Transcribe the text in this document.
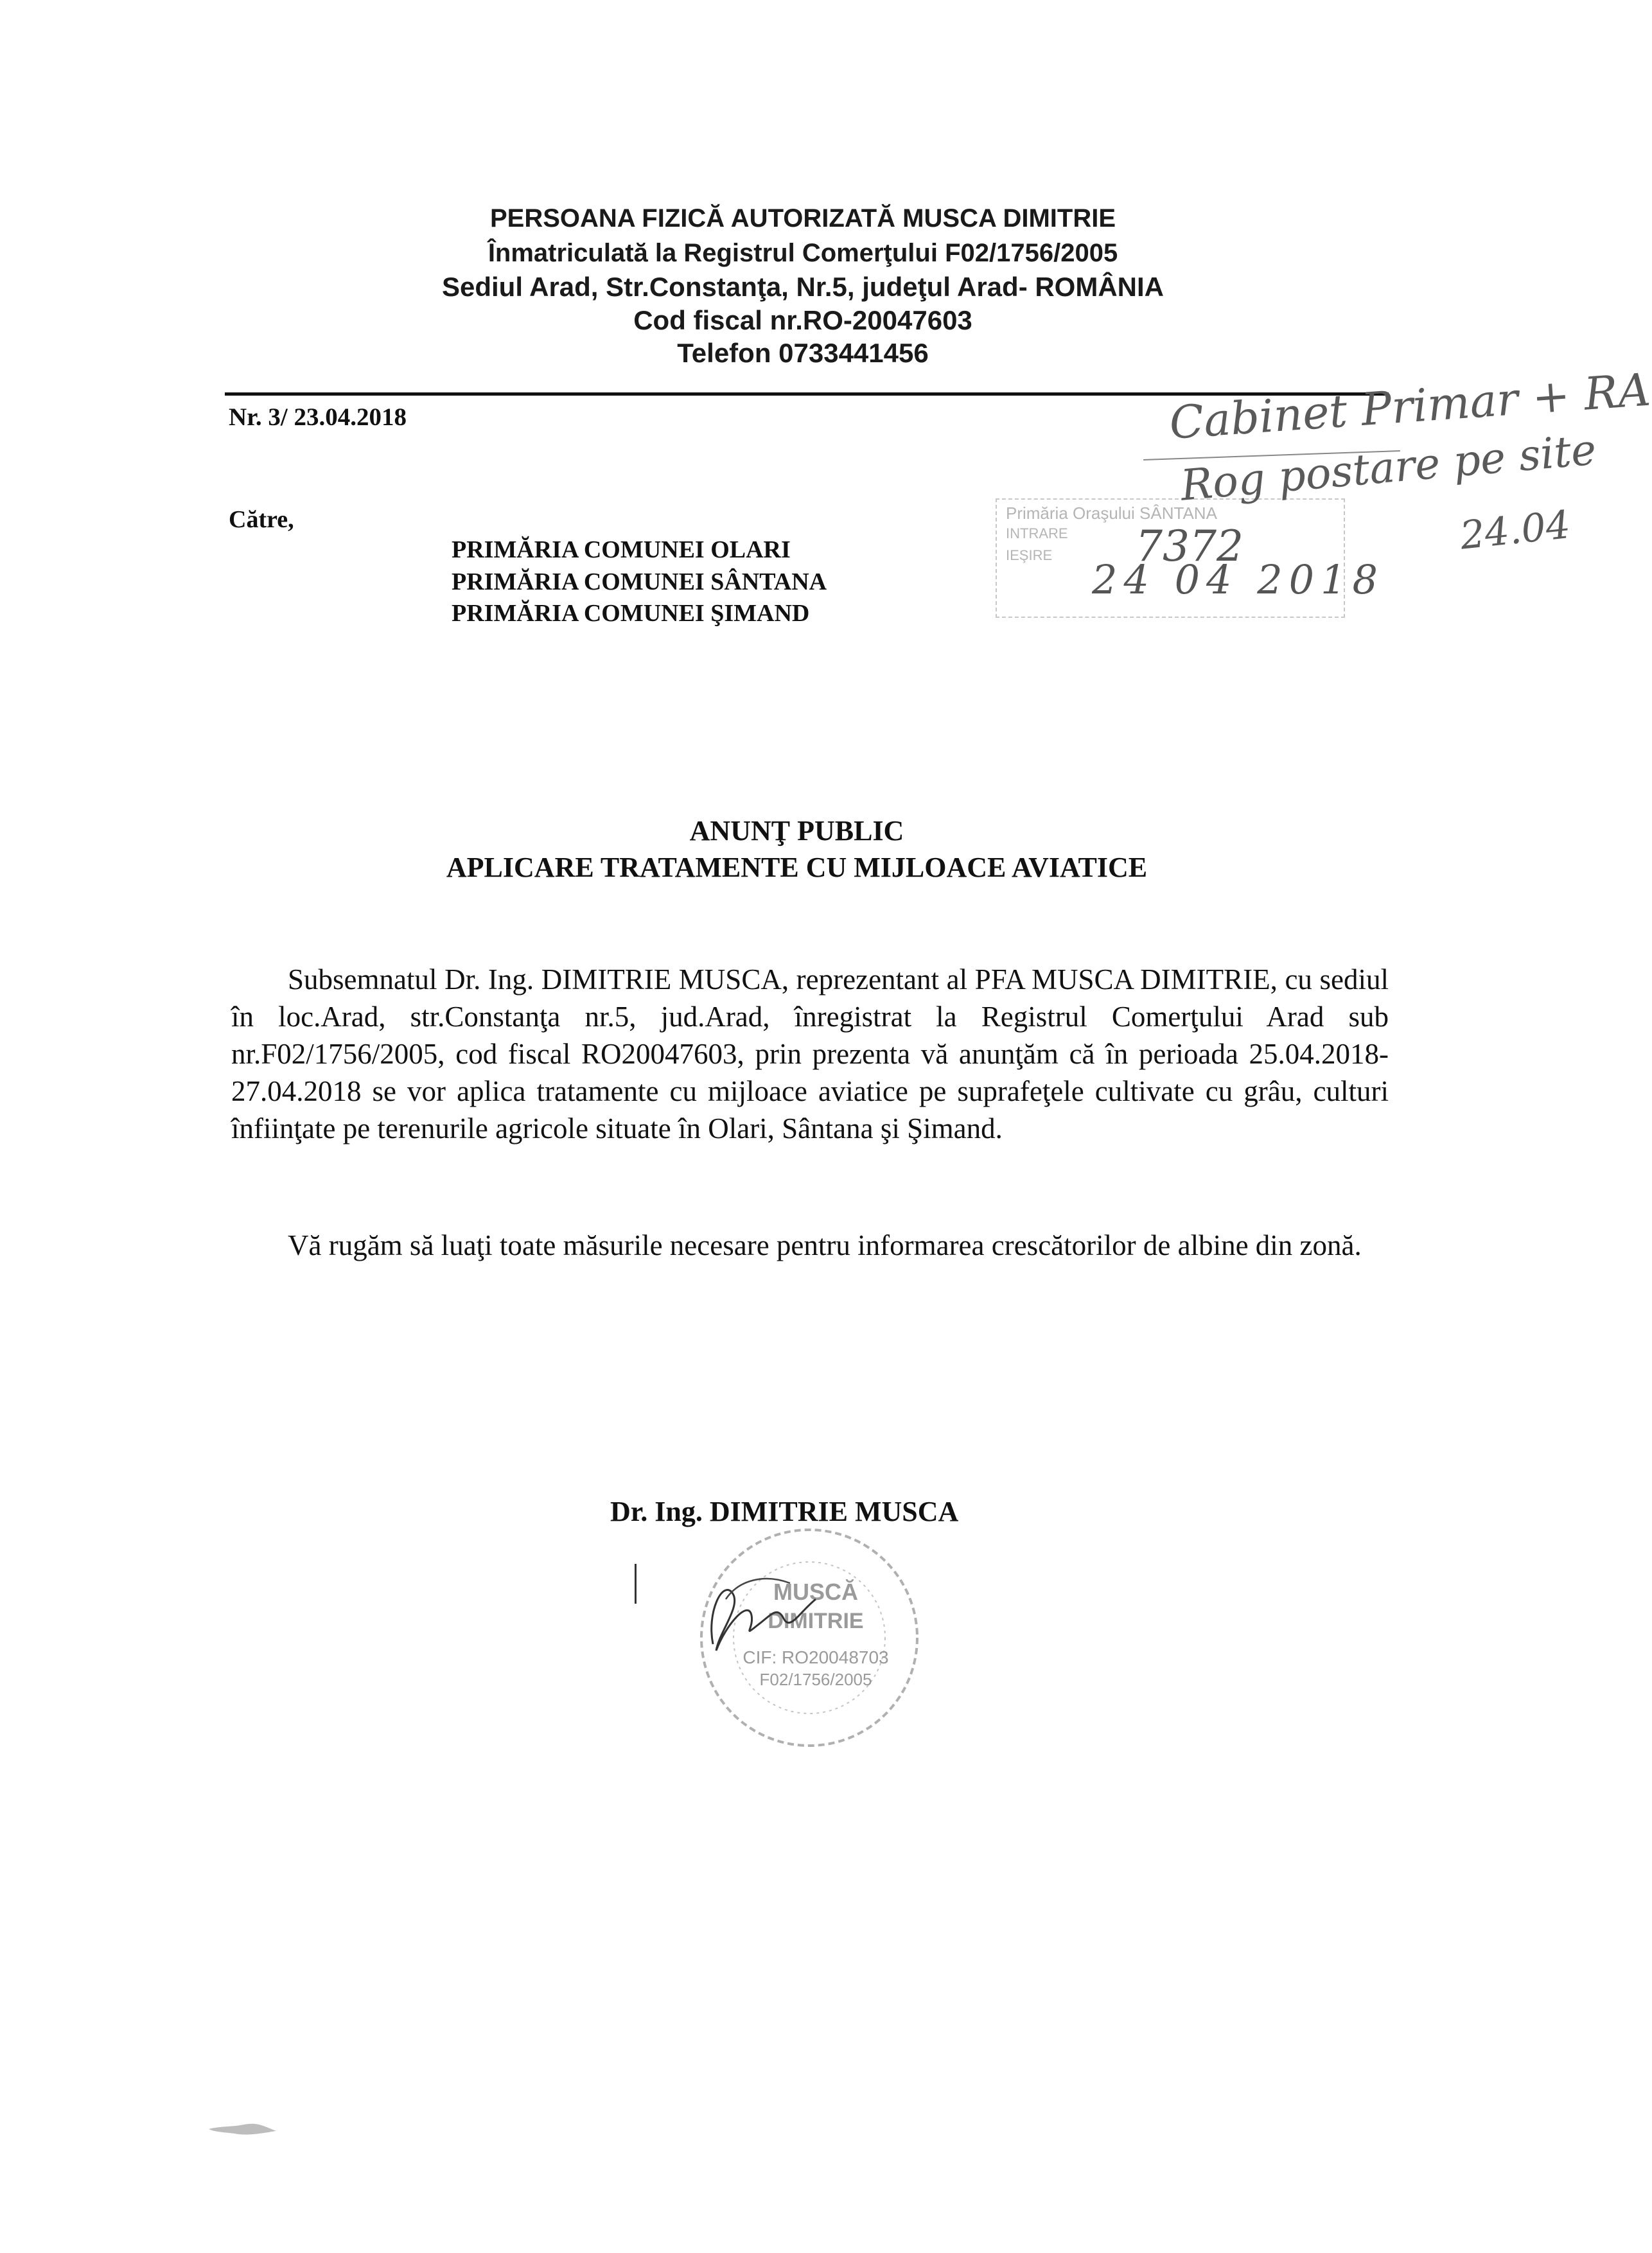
PERSOANA FIZICĂ AUTORIZATĂ MUSCA DIMITRIE
Înmatriculată la Registrul Comerţului F02/1756/2005
Sediul Arad, Str.Constanţa, Nr.5, judeţul Arad- ROMÂNIA
Cod fiscal nr.RO-20047603
Telefon 0733441456
Nr. 3/ 23.04.2018
Către,
PRIMĂRIA COMUNEI OLARI
PRIMĂRIA COMUNEI SÂNTANA
PRIMĂRIA COMUNEI ŞIMAND
Primăria Oraşului SÂNTANA
INTRARE
IEŞIRE 7372
24 04 2018
Cabinet Primar + RA
Rog postare pe site
24.04
ANUNŢ PUBLIC
APLICARE TRATAMENTE CU MIJLOACE AVIATICE
Subsemnatul Dr. Ing. DIMITRIE MUSCA, reprezentant al PFA MUSCA DIMITRIE, cu sediul în loc.Arad, str.Constanţa nr.5, jud.Arad, înregistrat la Registrul Comerţului Arad sub nr.F02/1756/2005, cod fiscal RO20047603, prin prezenta vă anunţăm că în perioada 25.04.2018- 27.04.2018 se vor aplica tratamente cu mijloace aviatice pe suprafeţele cultivate cu grâu, culturi înfiinţate pe terenurile agricole situate în Olari, Sântana şi Şimand.
Vă rugăm să luaţi toate măsurile necesare pentru informarea crescătorilor de albine din zonă.
Dr. Ing. DIMITRIE MUSCA
MUSCĂ
DIMITRIE
CIF: RO20048703
F02/1756/2005
